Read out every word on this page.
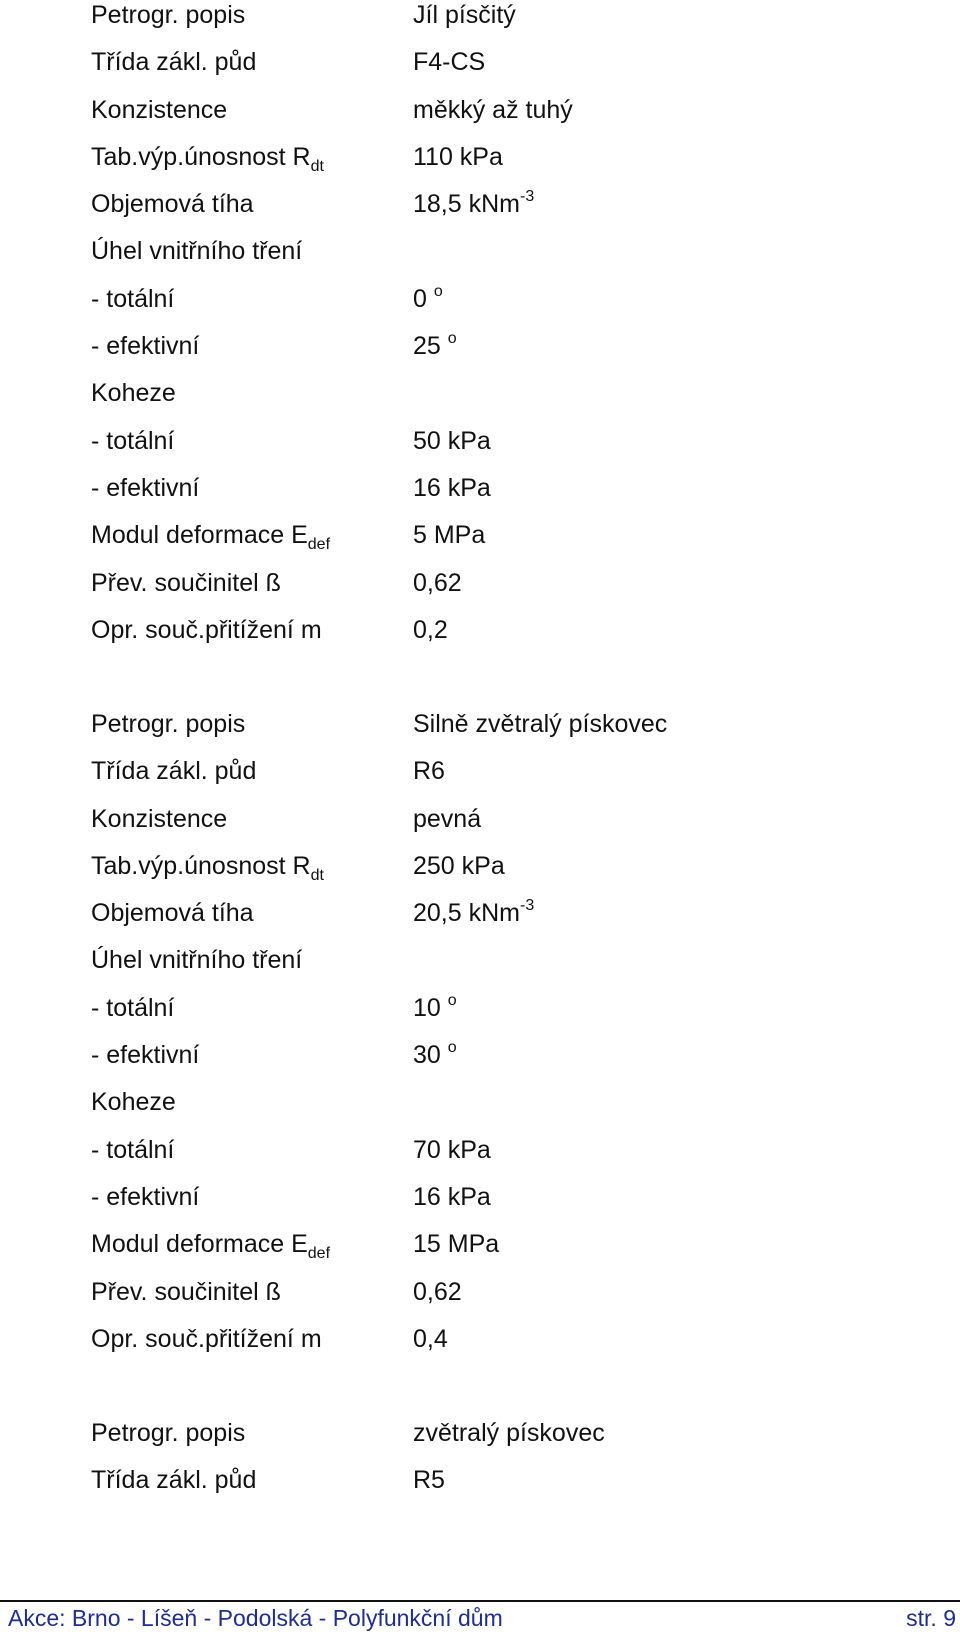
Petrogr. popis	Jíl písčitý
Třída zákl. půd	F4-CS
Konzistence	měkký až tuhý
Tab.výp.únosnost $R_{dt}$	110 kPa
Objemová tíha	18,5 kNm$^{-3}$
Úhel vnitřního tření
- totální	0 $^o$
- efektivní	25 $^o$
Koheze
- totální	50 kPa
- efektivní	16 kPa
Modul deformace $E_{def}$	5 MPa
Přev. součinitel ß	0,62
Opr. souč.přitížení m	0,2
Petrogr. popis	Silně zvětralý pískovec
Třída zákl. půd	R6
Konzistence	pevná
Tab.výp.únosnost $R_{dt}$	250 kPa
Objemová tíha	20,5 kNm$^{-3}$
Úhel vnitřního tření
- totální	10 $^o$
- efektivní	30 $^o$
Koheze
- totální	70 kPa
- efektivní	16 kPa
Modul deformace $E_{def}$	15 MPa
Přev. součinitel ß	0,62
Opr. souč.přitížení m	0,4
Petrogr. popis	zvětralý pískovec
Třída zákl. půd	R5
Akce: Brno - Líšeň - Podolská - Polyfunkční dům	str. 9
